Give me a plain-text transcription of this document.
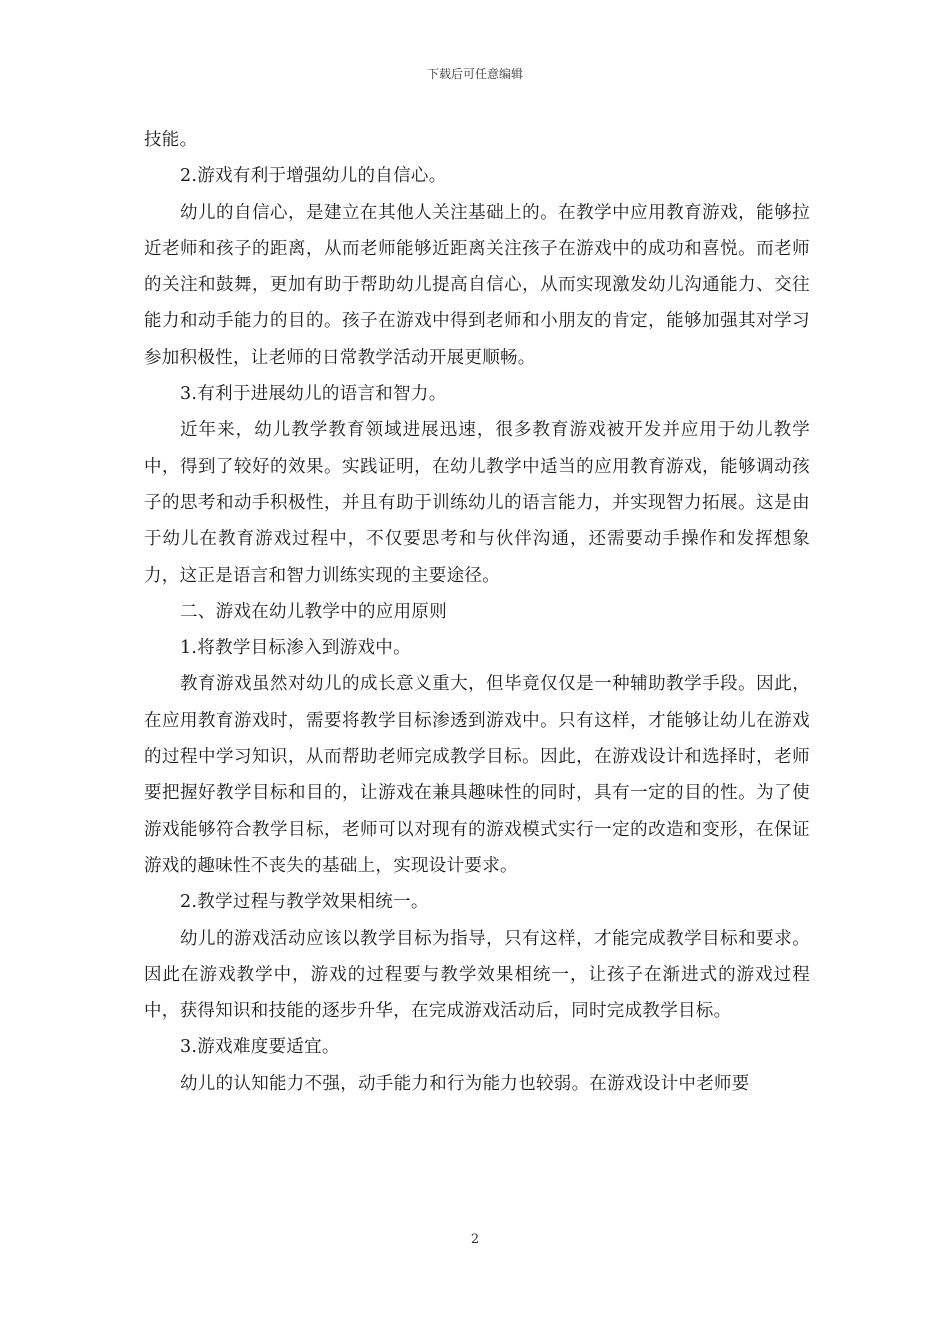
下载后可任意编辑

技能。

2.游戏有利于增强幼儿的自信心。

幼儿的自信心，是建立在其他人关注基础上的。在教学中应用教育游戏，能够拉近老师和孩子的距离，从而老师能够近距离关注孩子在游戏中的成功和喜悦。而老师的关注和鼓舞，更加有助于帮助幼儿提高自信心，从而实现激发幼儿沟通能力、交往能力和动手能力的目的。孩子在游戏中得到老师和小朋友的肯定，能够加强其对学习参加积极性，让老师的日常教学活动开展更顺畅。

3.有利于进展幼儿的语言和智力。

近年来，幼儿教学教育领域进展迅速，很多教育游戏被开发并应用于幼儿教学中，得到了较好的效果。实践证明，在幼儿教学中适当的应用教育游戏，能够调动孩子的思考和动手积极性，并且有助于训练幼儿的语言能力，并实现智力拓展。这是由于幼儿在教育游戏过程中，不仅要思考和与伙伴沟通，还需要动手操作和发挥想象力，这正是语言和智力训练实现的主要途径。

二、游戏在幼儿教学中的应用原则

1.将教学目标渗入到游戏中。

教育游戏虽然对幼儿的成长意义重大，但毕竟仅仅是一种辅助教学手段。因此，在应用教育游戏时，需要将教学目标渗透到游戏中。只有这样，才能够让幼儿在游戏的过程中学习知识，从而帮助老师完成教学目标。因此，在游戏设计和选择时，老师要把握好教学目标和目的，让游戏在兼具趣味性的同时，具有一定的目的性。为了使游戏能够符合教学目标，老师可以对现有的游戏模式实行一定的改造和变形，在保证游戏的趣味性不丧失的基础上，实现设计要求。

2.教学过程与教学效果相统一。

幼儿的游戏活动应该以教学目标为指导，只有这样，才能完成教学目标和要求。因此在游戏教学中，游戏的过程要与教学效果相统一，让孩子在渐进式的游戏过程中，获得知识和技能的逐步升华，在完成游戏活动后，同时完成教学目标。

3.游戏难度要适宜。

幼儿的认知能力不强，动手能力和行为能力也较弱。在游戏设计中老师要

2
